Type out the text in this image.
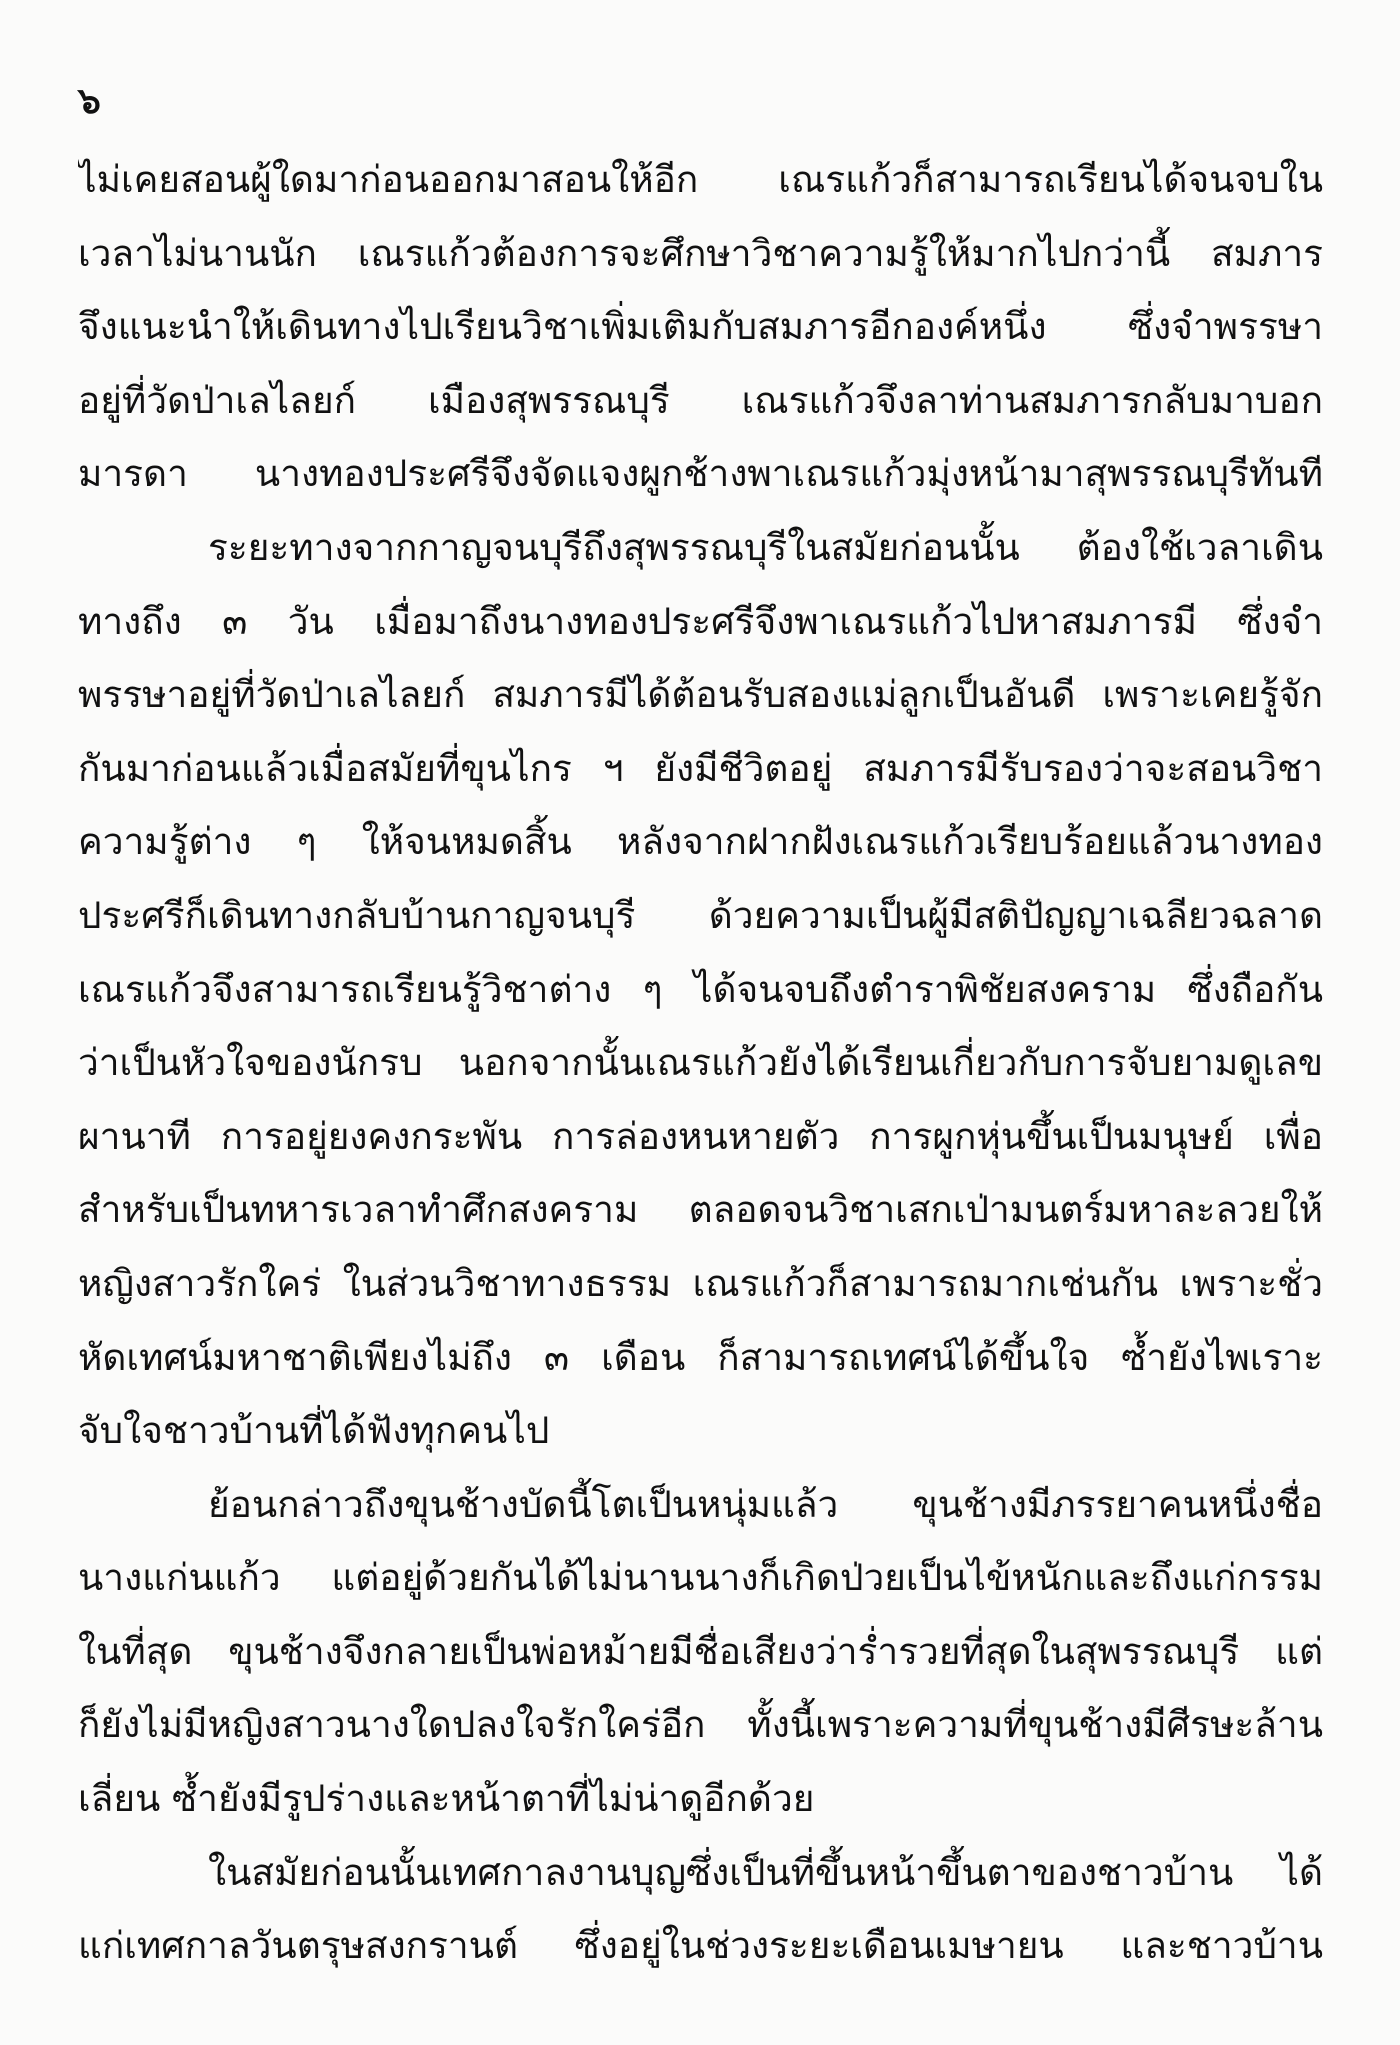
๖
ไม่เคยสอนผู้ใดมาก่อนออกมาสอนให้อีก เณรแก้วก็สามารถเรียนได้จนจบใน
เวลาไม่นานนัก เณรแก้วต้องการจะศึกษาวิชาความรู้ให้มากไปกว่านี้ สมภาร
จึงแนะนำให้เดินทางไปเรียนวิชาเพิ่มเติมกับสมภารอีกองค์หนึ่ง ซึ่งจำพรรษา
อยู่ที่วัดป่าเลไลยก์ เมืองสุพรรณบุรี เณรแก้วจึงลาท่านสมภารกลับมาบอก
มารดา นางทองประศรีจึงจัดแจงผูกช้างพาเณรแก้วมุ่งหน้ามาสุพรรณบุรีทันที
ระยะทางจากกาญจนบุรีถึงสุพรรณบุรีในสมัยก่อนนั้น ต้องใช้เวลาเดิน
ทางถึง ๓ วัน เมื่อมาถึงนางทองประศรีจึงพาเณรแก้วไปหาสมภารมี ซึ่งจำ
พรรษาอยู่ที่วัดป่าเลไลยก์ สมภารมีได้ต้อนรับสองแม่ลูกเป็นอันดี เพราะเคยรู้จัก
กันมาก่อนแล้วเมื่อสมัยที่ขุนไกร ฯ ยังมีชีวิตอยู่ สมภารมีรับรองว่าจะสอนวิชา
ความรู้ต่าง ๆ ให้จนหมดสิ้น หลังจากฝากฝังเณรแก้วเรียบร้อยแล้วนางทอง
ประศรีก็เดินทางกลับบ้านกาญจนบุรี ด้วยความเป็นผู้มีสติปัญญาเฉลียวฉลาด
เณรแก้วจึงสามารถเรียนรู้วิชาต่าง ๆ ได้จนจบถึงตำราพิชัยสงคราม ซึ่งถือกัน
ว่าเป็นหัวใจของนักรบ นอกจากนั้นเณรแก้วยังได้เรียนเกี่ยวกับการจับยามดูเลข
ผานาที การอยู่ยงคงกระพัน การล่องหนหายตัว การผูกหุ่นขึ้นเป็นมนุษย์ เพื่อ
สำหรับเป็นทหารเวลาทำศึกสงคราม ตลอดจนวิชาเสกเป่ามนตร์มหาละลวยให้
หญิงสาวรักใคร่ ในส่วนวิชาทางธรรม เณรแก้วก็สามารถมากเช่นกัน เพราะชั่ว
หัดเทศน์มหาชาติเพียงไม่ถึง ๓ เดือน ก็สามารถเทศน์ได้ขึ้นใจ ซ้ำยังไพเราะ
จับใจชาวบ้านที่ได้ฟังทุกคนไป
ย้อนกล่าวถึงขุนช้างบัดนี้โตเป็นหนุ่มแล้ว ขุนช้างมีภรรยาคนหนึ่งชื่อ
นางแก่นแก้ว แต่อยู่ด้วยกันได้ไม่นานนางก็เกิดป่วยเป็นไข้หนักและถึงแก่กรรม
ในที่สุด ขุนช้างจึงกลายเป็นพ่อหม้ายมีชื่อเสียงว่าร่ำรวยที่สุดในสุพรรณบุรี แต่
ก็ยังไม่มีหญิงสาวนางใดปลงใจรักใคร่อีก ทั้งนี้เพราะความที่ขุนช้างมีศีรษะล้าน
เลี่ยน ซ้ำยังมีรูปร่างและหน้าตาที่ไม่น่าดูอีกด้วย
ในสมัยก่อนนั้นเทศกาลงานบุญซึ่งเป็นที่ขึ้นหน้าขึ้นตาของชาวบ้าน ได้
แก่เทศกาลวันตรุษสงกรานต์ ซึ่งอยู่ในช่วงระยะเดือนเมษายน และชาวบ้าน
